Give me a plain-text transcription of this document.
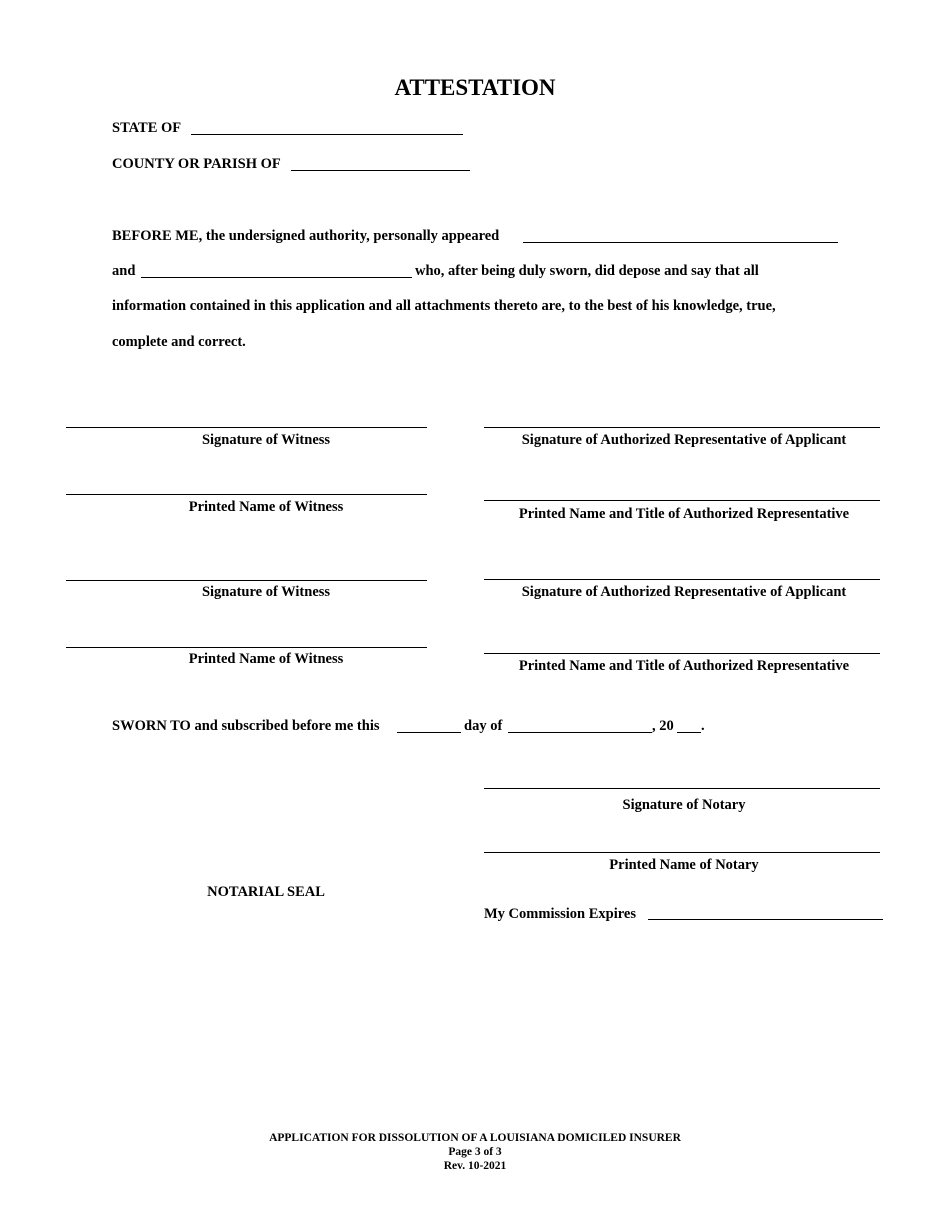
ATTESTATION
STATE OF
COUNTY OR PARISH OF
BEFORE ME, the undersigned authority, personally appeared
and	who, after being duly sworn, did depose and say that all
information contained in this application and all attachments thereto are, to the best of his knowledge, true,
complete and correct.
Signature of Witness	Signature of Authorized Representative of Applicant
Printed Name of Witness	Printed Name and Title of Authorized Representative
Signature of Witness	Signature of Authorized Representative of Applicant
Printed Name of Witness	Printed Name and Title of Authorized Representative
SWORN TO and subscribed before me this	day of	, 20 .
Signature of Notary
Printed Name of Notary
NOTARIAL SEAL
My Commission Expires
APPLICATION FOR DISSOLUTION OF A LOUISIANA DOMICILED INSURER
Page 3 of 3
Rev. 10-2021
